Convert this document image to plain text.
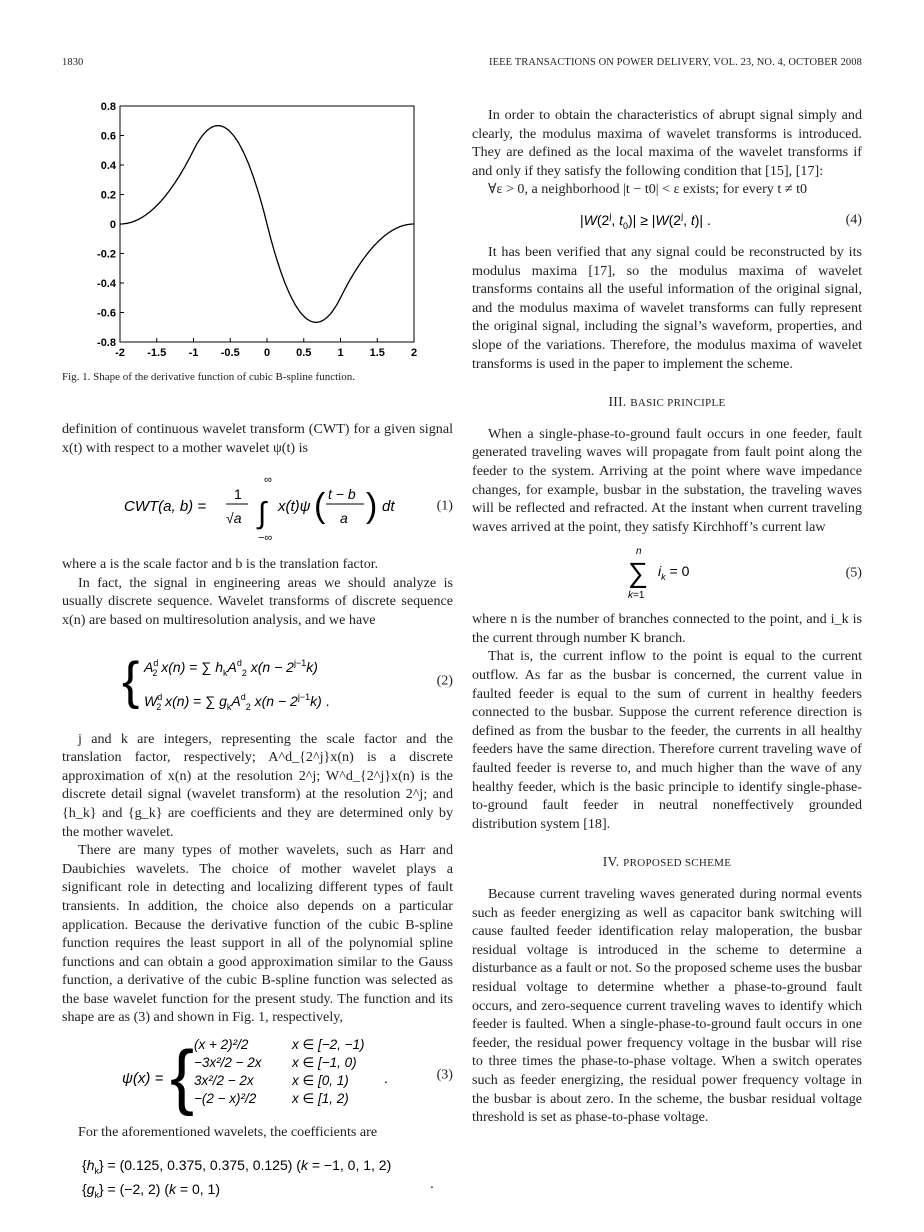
1830	IEEE TRANSACTIONS ON POWER DELIVERY, VOL. 23, NO. 4, OCTOBER 2008
-2 -1.5 -1 -0.5 0 0.5 1 1.5 2
0.8
0.6
0.4
0.2
0
-0.2
-0.4
-0.6
-0.8
Fig. 1. Shape of the derivative function of cubic B-spline function.

definition of continuous wavelet transform (CWT) for a given signal x(t) with respect to a mother wavelet ψ(t) is

CWT(a, b) =
1
√a ∫
∞
−∞
x(t)ψ ( t − b
a ) dt	(1)

where a is the scale factor and b is the translation factor.

In fact, the signal in engineering areas we should analyze is usually discrete sequence. Wavelet transforms of discrete sequence x(n) are based on multiresolution analysis, and we have

{ $A^d$ 2 x(n) = ∑ $h_kA^d_2$ $x(n - 2^{j-1}k)$
$W^d$ 2 x(n) = ∑ $g_kA^d_2$ $x(n - 2^{j-1}k)$ .
(2)

j and k are integers, representing the scale factor and the translation factor, respectively; A^d_{2^j}x(n) is a discrete approximation of x(n) at the resolution 2^j; W^d_{2^j}x(n) is the discrete detail signal (wavelet transform) at the resolution 2^j; and {h_k} and {g_k} are coefficients and they are determined only by the mother wavelet.

There are many types of mother wavelets, such as Harr and Daubichies wavelets. The choice of mother wavelet plays a significant role in detecting and localizing different types of fault transients. In addition, the choice also depends on a particular application. Because the derivative function of the cubic B-spline function requires the least support in all of the polynomial spline functions and can obtain a good approximation similar to the Gauss function, a derivative of the cubic B-spline function was selected as the base wavelet function for the present study. The function and its shape are as (3) and shown in Fig. 1, respectively,

ψ(x) = { (x + 2)²/2	x ∈ [−2, −1)
−3x²/2 − 2x x ∈ [−1, 0)
3x²/2 − 2x	x ∈ [0, 1)
−(2 − x)²/2	x ∈ [1, 2)
.	(3)

For the aforementioned wavelets, the coefficients are

$\{h_k\} = (0.125$, 0.375, 0.375, 0.125) (k = −1, 0, 1, 2)
$\{g_k\} = (-2$, 2) (k = 0, 1)	.

In order to obtain the characteristics of abrupt signal simply and clearly, the modulus maxima of wavelet transforms is introduced. They are defined as the local maxima of the wavelet transforms if and only if they satisfy the following condition that [15], [17]:

∀ε > 0, a neighborhood |t − t0| < ε exists; for every t ≠ t0

|W(2$^j$, $t_0)| \ge |W(2^j$, t)| .	(4)

It has been verified that any signal could be reconstructed by its modulus maxima [17], so the modulus maxima of wavelet transforms contains all the useful information of the original signal, and the modulus maxima of wavelet transforms can fully represent the original signal, including the signal’s waveform, properties, and slope of the variations. Therefore, the modulus maxima of wavelet transforms is used in the paper to implement the scheme.

III. BASIC PRINCIPLE

When a single-phase-to-ground fault occurs in one feeder, fault generated traveling waves will propagate from fault point along the feeder to the system. Arriving at the point where wave impedance changes, for example, busbar in the substation, the traveling waves will be reflected and refracted. At the instant when current traveling waves arrived at the point, they satisfy Kirchhoff’s current law

n
∑
k=1
$i_k = 0$	(5)

where n is the number of branches connected to the point, and i_k is the current through number K branch.

That is, the current inflow to the point is equal to the current outflow. As far as the busbar is concerned, the current value in faulted feeder is equal to the sum of current in healthy feeders connected to the busbar. Suppose the current reference direction is defined as from the busbar to the feeder, the currents in all healthy feeders have the same direction. Therefore current traveling wave of faulted feeder is reverse to, and much higher than the wave of any healthy feeder, which is the basic principle to identify single-phase-to-ground fault feeder in neutral noneffectively grounded distribution system [18].

IV. PROPOSED SCHEME

Because current traveling waves generated during normal events such as feeder energizing as well as capacitor bank switching will cause faulted feeder identification relay maloperation, the busbar residual voltage is introduced in the scheme to determine a disturbance as a fault or not. So the proposed scheme uses the busbar residual voltage to determine whether a phase-to-ground fault occurs, and zero-sequence current traveling waves to identify which feeder is faulted. When a single-phase-to-ground fault occurs in one feeder, the residual power frequency voltage in the busbar will rise to three times the phase-to-phase voltage. When a switch operates such as feeder energizing, the residual power frequency voltage in the busbar is about zero. In the scheme, the busbar residual voltage threshold is set as phase-to-phase voltage.
